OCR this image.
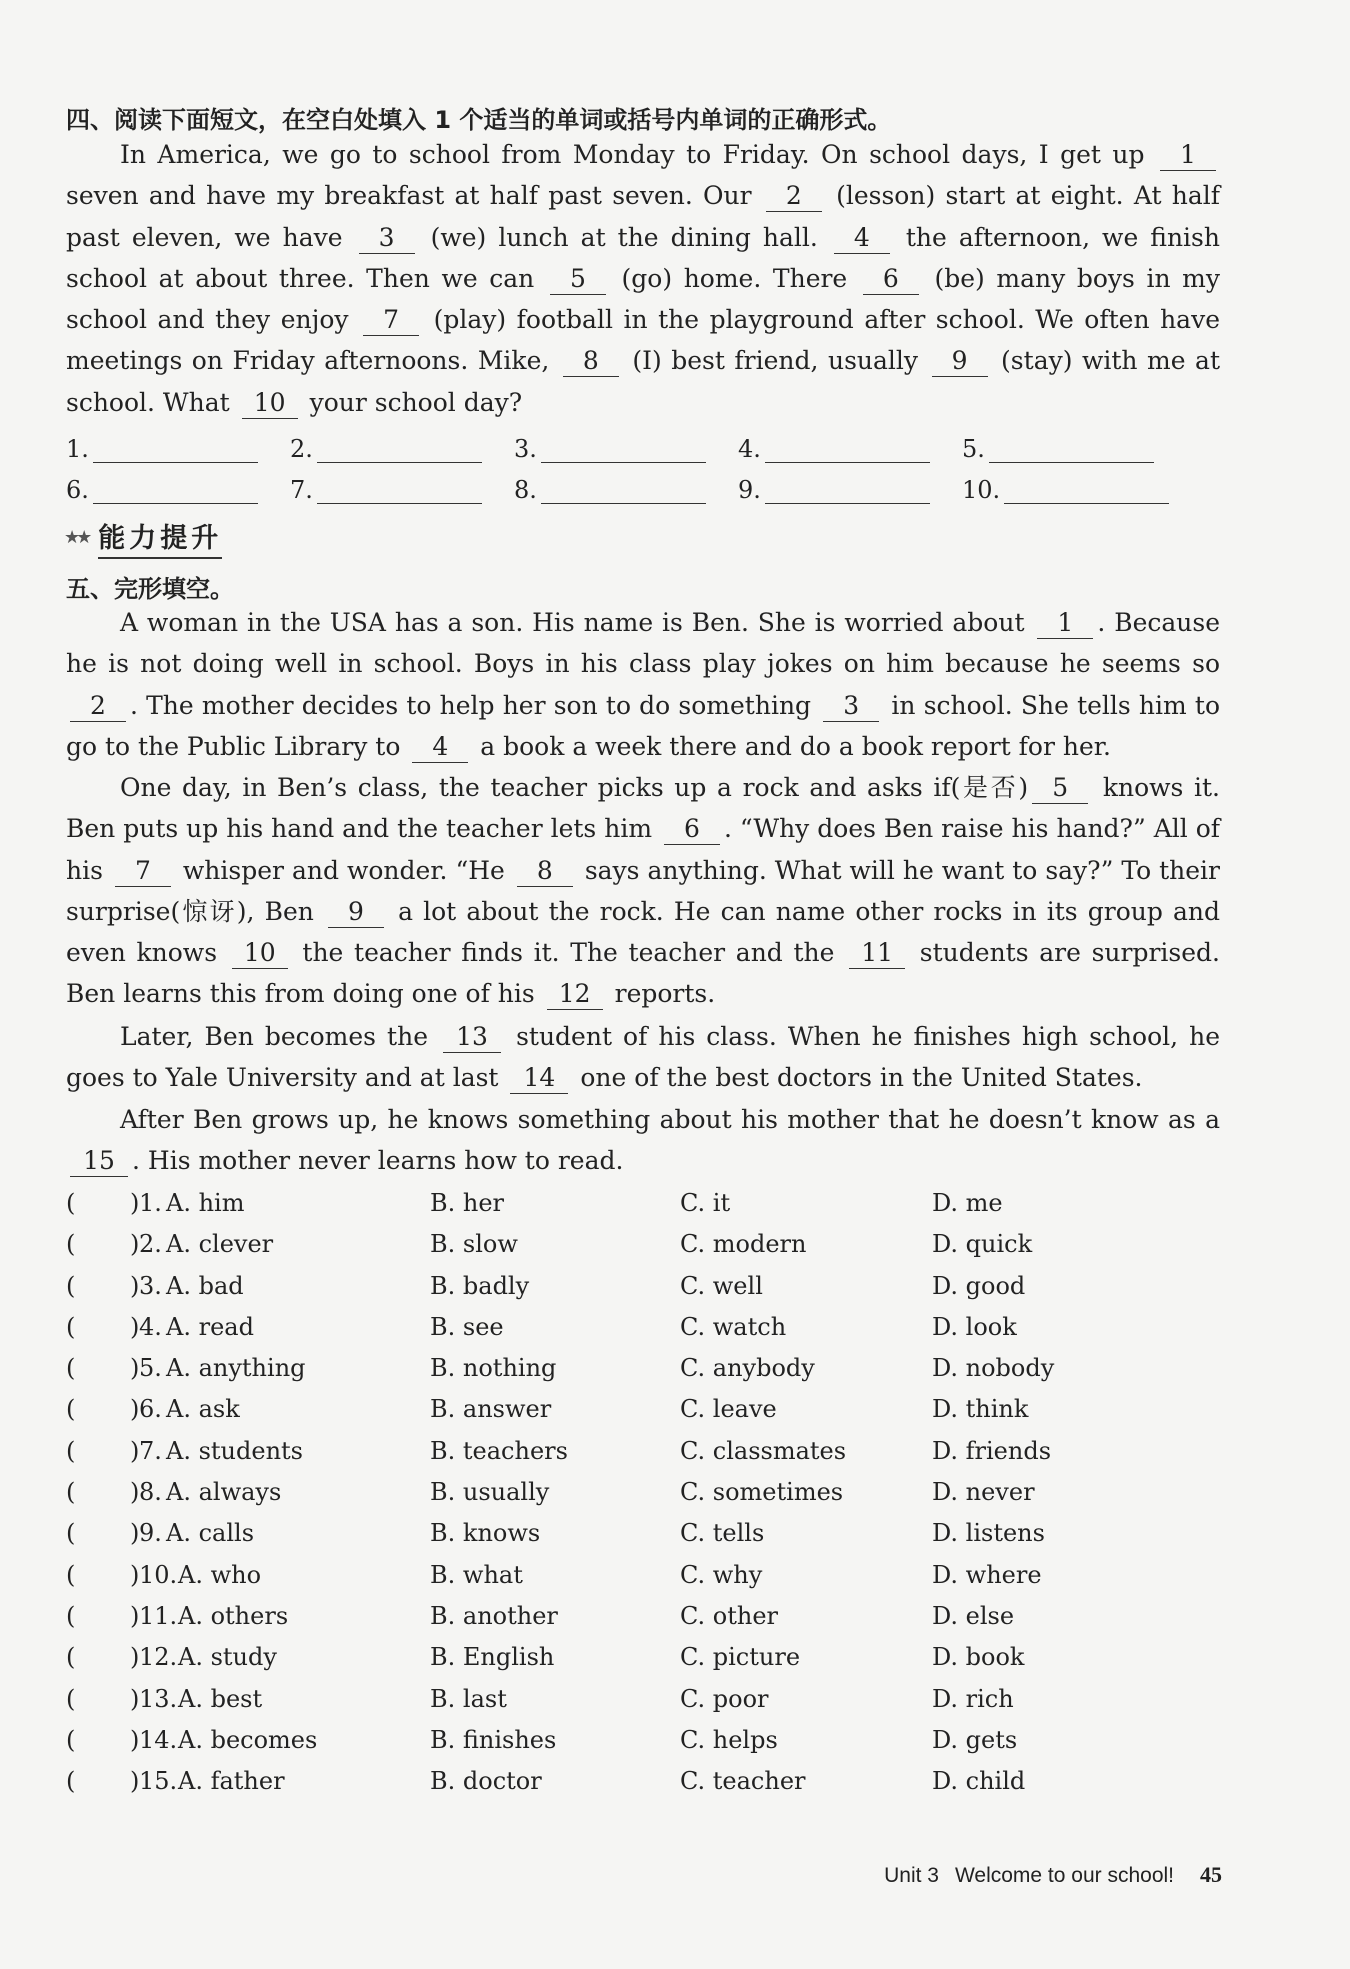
四、阅读下面短文，在空白处填入 1 个适当的单词或括号内单词的正确形式。
In America, we go to school from Monday to Friday. On school days, I get up 1 seven and have my breakfast at half past seven. Our 2 (lesson) start at eight. At half past eleven, we have 3 (we) lunch at the dining hall. 4 the afternoon, we finish school at about three. Then we can 5 (go) home. There 6 (be) many boys in my school and they enjoy 7 (play) football in the playground after school. We often have meetings on Friday afternoons. Mike, 8 (I) best friend, usually 9 (stay) with me at school. What 10 your school day?
1.	2.	3.	4.	5.
6.	7.	8.	9.	10.
★★ 能力提升
五、完形填空。
A woman in the USA has a son. His name is Ben. She is worried about 1 . Because he is not doing well in school. Boys in his class play jokes on him because he seems so 2 . The mother decides to help her son to do something 3 in school. She tells him to go to the Public Library to 4 a book a week there and do a book report for her.
One day, in Ben’s class, the teacher picks up a rock and asks if(是否) 5 knows it. Ben puts up his hand and the teacher lets him 6 . “Why does Ben raise his hand?” All of his 7 whisper and wonder. “He 8 says anything. What will he want to say?” To their surprise(惊讶), Ben 9 a lot about the rock. He can name other rocks in its group and even knows 10 the teacher finds it. The teacher and the 11 students are surprised. Ben learns this from doing one of his 12 reports.
Later, Ben becomes the 13 student of his class. When he finishes high school, he goes to Yale University and at last 14 one of the best doctors in the United States.
After Ben grows up, he knows something about his mother that he doesn’t know as a 15 . His mother never learns how to read.
( ) 1. A. him	B. her	C. it	D. me
( ) 2. A. clever	B. slow	C. modern	D. quick
( ) 3. A. bad	B. badly	C. well	D. good
( ) 4. A. read	B. see	C. watch	D. look
( ) 5. A. anything	B. nothing	C. anybody	D. nobody
( ) 6. A. ask	B. answer	C. leave	D. think
( ) 7. A. students	B. teachers	C. classmates	D. friends
( ) 8. A. always	B. usually	C. sometimes	D. never
( ) 9. A. calls	B. knows	C. tells	D. listens
( ) 10. A. who	B. what	C. why	D. where
( ) 11. A. others	B. another	C. other	D. else
( ) 12. A. study	B. English	C. picture	D. book
( ) 13. A. best	B. last	C. poor	D. rich
( ) 14. A. becomes	B. finishes	C. helps	D. gets
( ) 15. A. father	B. doctor	C. teacher	D. child
Unit 3 Welcome to our school! 45
